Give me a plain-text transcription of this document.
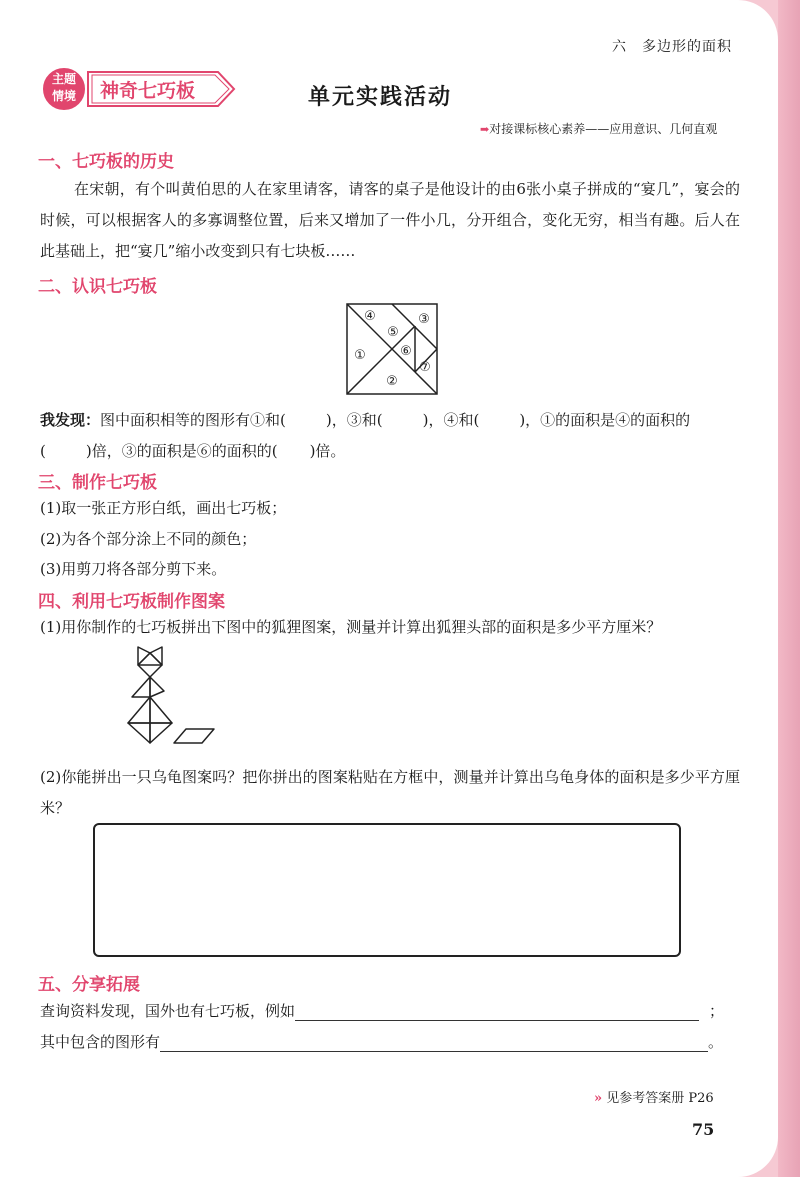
六　多边形的面积
主题
情境 神奇七巧板	单元实践活动
➡对接课标核心素养——应用意识、几何直观
一、七巧板的历史
在宋朝，有个叫黄伯思的人在家里请客，请客的桌子是他设计的由6张小桌子拼成的“宴几”，宴会的时候，可以根据客人的多寡调整位置，后来又增加了一件小几，分开组合，变化无穷，相当有趣。后人在此基础上，把“宴几”缩小改变到只有七块板……
二、认识七巧板
①
②
③
④
⑤
⑥
⑦
我发现：图中面积相等的图形有①和(	)，③和(	)，④和(	)，①的面积是④的面积的
(	)倍，③的面积是⑥的面积的( )倍。
三、制作七巧板
(1)取一张正方形白纸，画出七巧板；
(2)为各个部分涂上不同的颜色；
(3)用剪刀将各部分剪下来。
四、利用七巧板制作图案
(1)用你制作的七巧板拼出下图中的狐狸图案，测量并计算出狐狸头部的面积是多少平方厘米？
(2)你能拼出一只乌龟图案吗？把你拼出的图案粘贴在方框中，测量并计算出乌龟身体的面积是多少平方厘米？
五、分享拓展
查询资料发现，国外也有七巧板，例如	；
其中包含的图形有	。
» 见参考答案册 P26
75
